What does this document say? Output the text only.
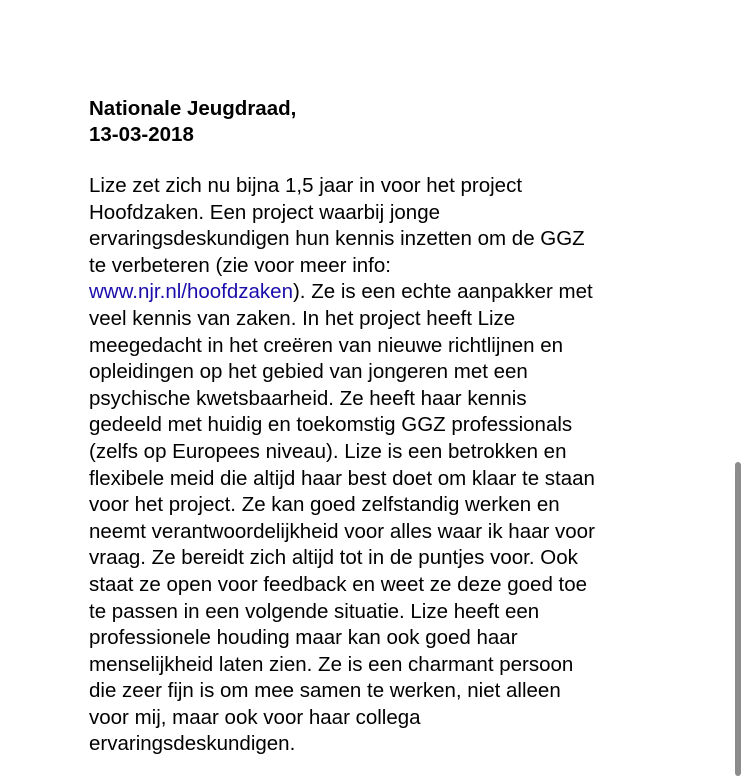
Nationale Jeugdraad,
13-03-2018
Lize zet zich nu bijna 1,5 jaar in voor het project
Hoofdzaken. Een project waarbij jonge
ervaringsdeskundigen hun kennis inzetten om de GGZ
te verbeteren (zie voor meer info:
www.njr.nl/hoofdzaken). Ze is een echte aanpakker met
veel kennis van zaken. In het project heeft Lize
meegedacht in het creëren van nieuwe richtlijnen en
opleidingen op het gebied van jongeren met een
psychische kwetsbaarheid. Ze heeft haar kennis
gedeeld met huidig en toekomstig GGZ professionals
(zelfs op Europees niveau). Lize is een betrokken en
flexibele meid die altijd haar best doet om klaar te staan
voor het project. Ze kan goed zelfstandig werken en
neemt verantwoordelijkheid voor alles waar ik haar voor
vraag. Ze bereidt zich altijd tot in de puntjes voor. Ook
staat ze open voor feedback en weet ze deze goed toe
te passen in een volgende situatie. Lize heeft een
professionele houding maar kan ook goed haar
menselijkheid laten zien. Ze is een charmant persoon
die zeer fijn is om mee samen te werken, niet alleen
voor mij, maar ook voor haar collega
ervaringsdeskundigen.
